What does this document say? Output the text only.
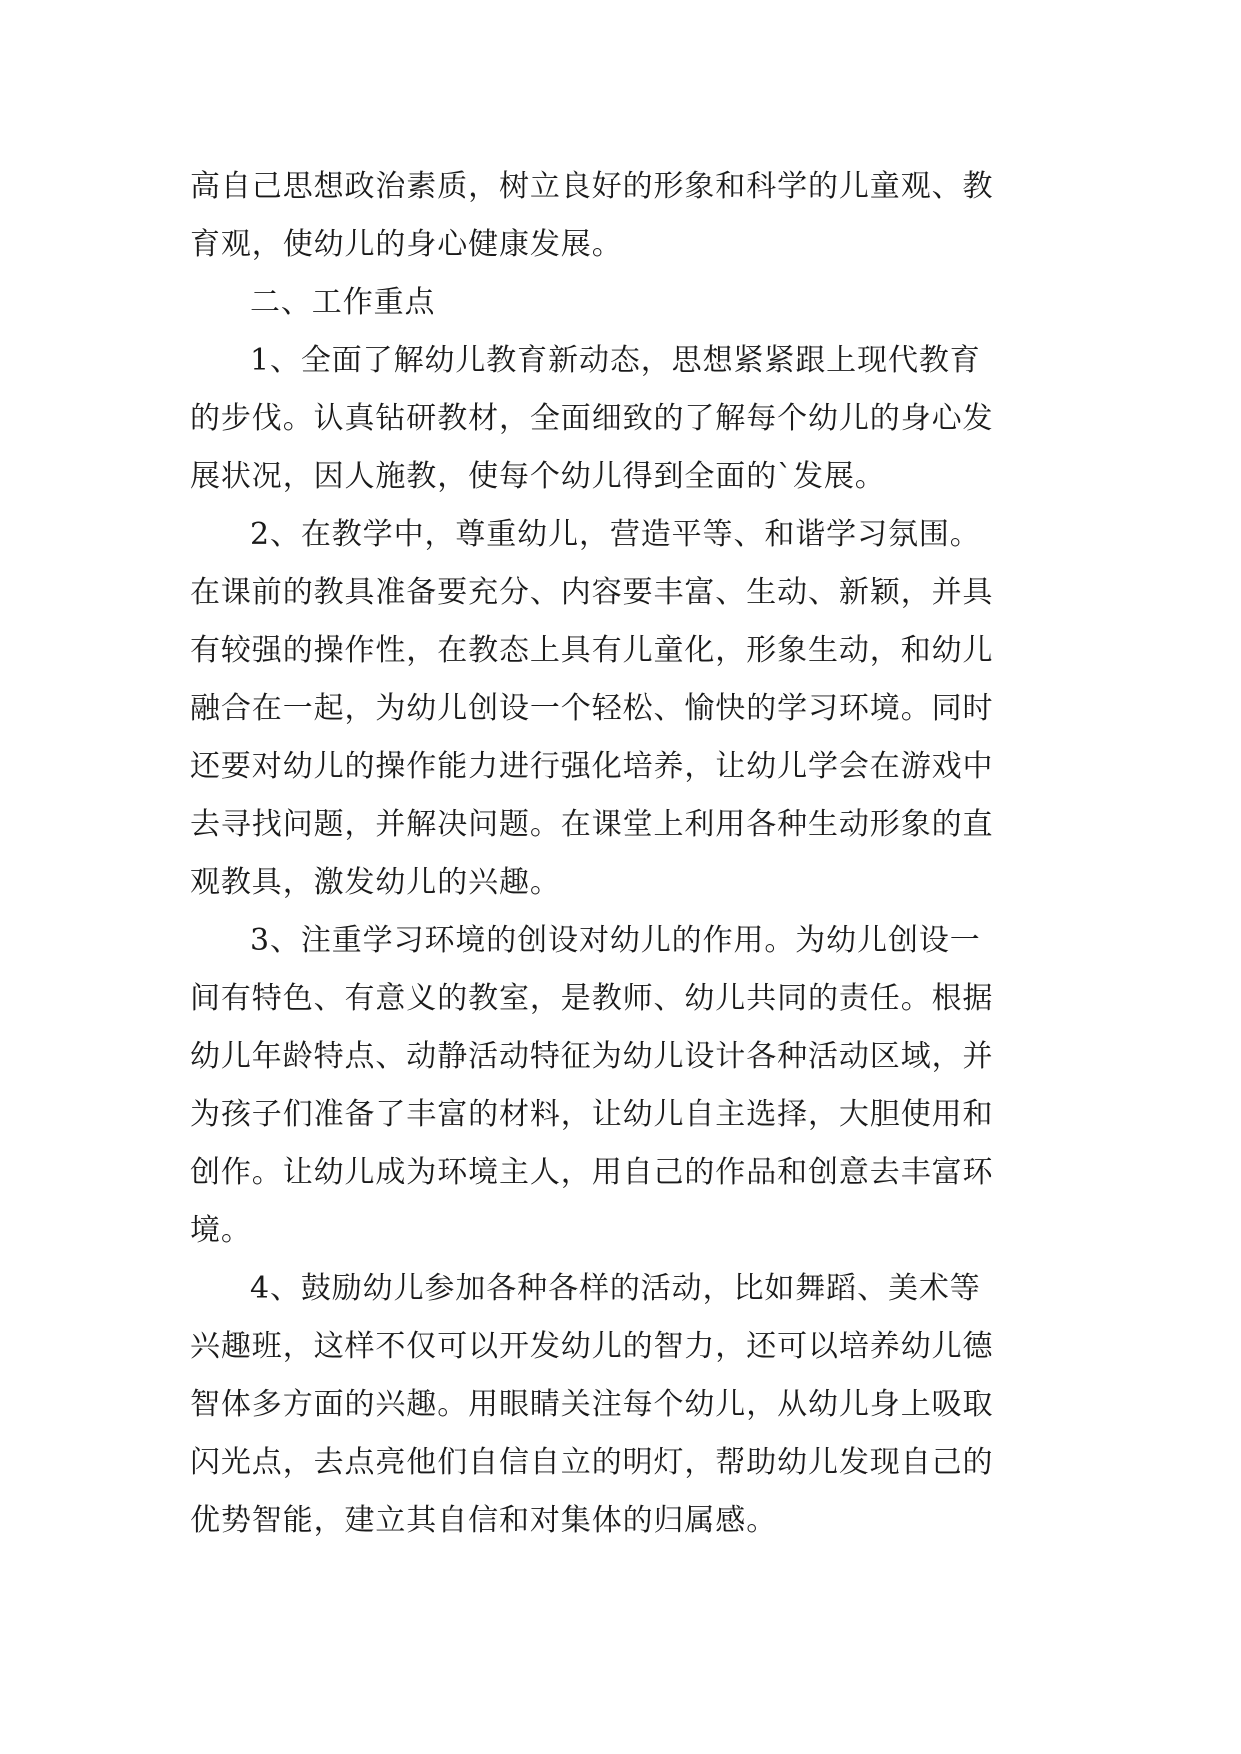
高自己思想政治素质，树立良好的形象和科学的儿童观、教
育观，使幼儿的身心健康发展。

二、工作重点

1、全面了解幼儿教育新动态，思想紧紧跟上现代教育
的步伐。认真钻研教材，全面细致的了解每个幼儿的身心发
展状况，因人施教，使每个幼儿得到全面的`发展。

2、在教学中，尊重幼儿，营造平等、和谐学习氛围。
在课前的教具准备要充分、内容要丰富、生动、新颖，并具
有较强的操作性，在教态上具有儿童化，形象生动，和幼儿
融合在一起，为幼儿创设一个轻松、愉快的学习环境。同时
还要对幼儿的操作能力进行强化培养，让幼儿学会在游戏中
去寻找问题，并解决问题。在课堂上利用各种生动形象的直
观教具，激发幼儿的兴趣。

3、注重学习环境的创设对幼儿的作用。为幼儿创设一
间有特色、有意义的教室，是教师、幼儿共同的责任。根据
幼儿年龄特点、动静活动特征为幼儿设计各种活动区域，并
为孩子们准备了丰富的材料，让幼儿自主选择，大胆使用和
创作。让幼儿成为环境主人，用自己的作品和创意去丰富环
境。

4、鼓励幼儿参加各种各样的活动，比如舞蹈、美术等
兴趣班，这样不仅可以开发幼儿的智力，还可以培养幼儿德
智体多方面的兴趣。用眼睛关注每个幼儿，从幼儿身上吸取
闪光点，去点亮他们自信自立的明灯，帮助幼儿发现自己的
优势智能，建立其自信和对集体的归属感。
